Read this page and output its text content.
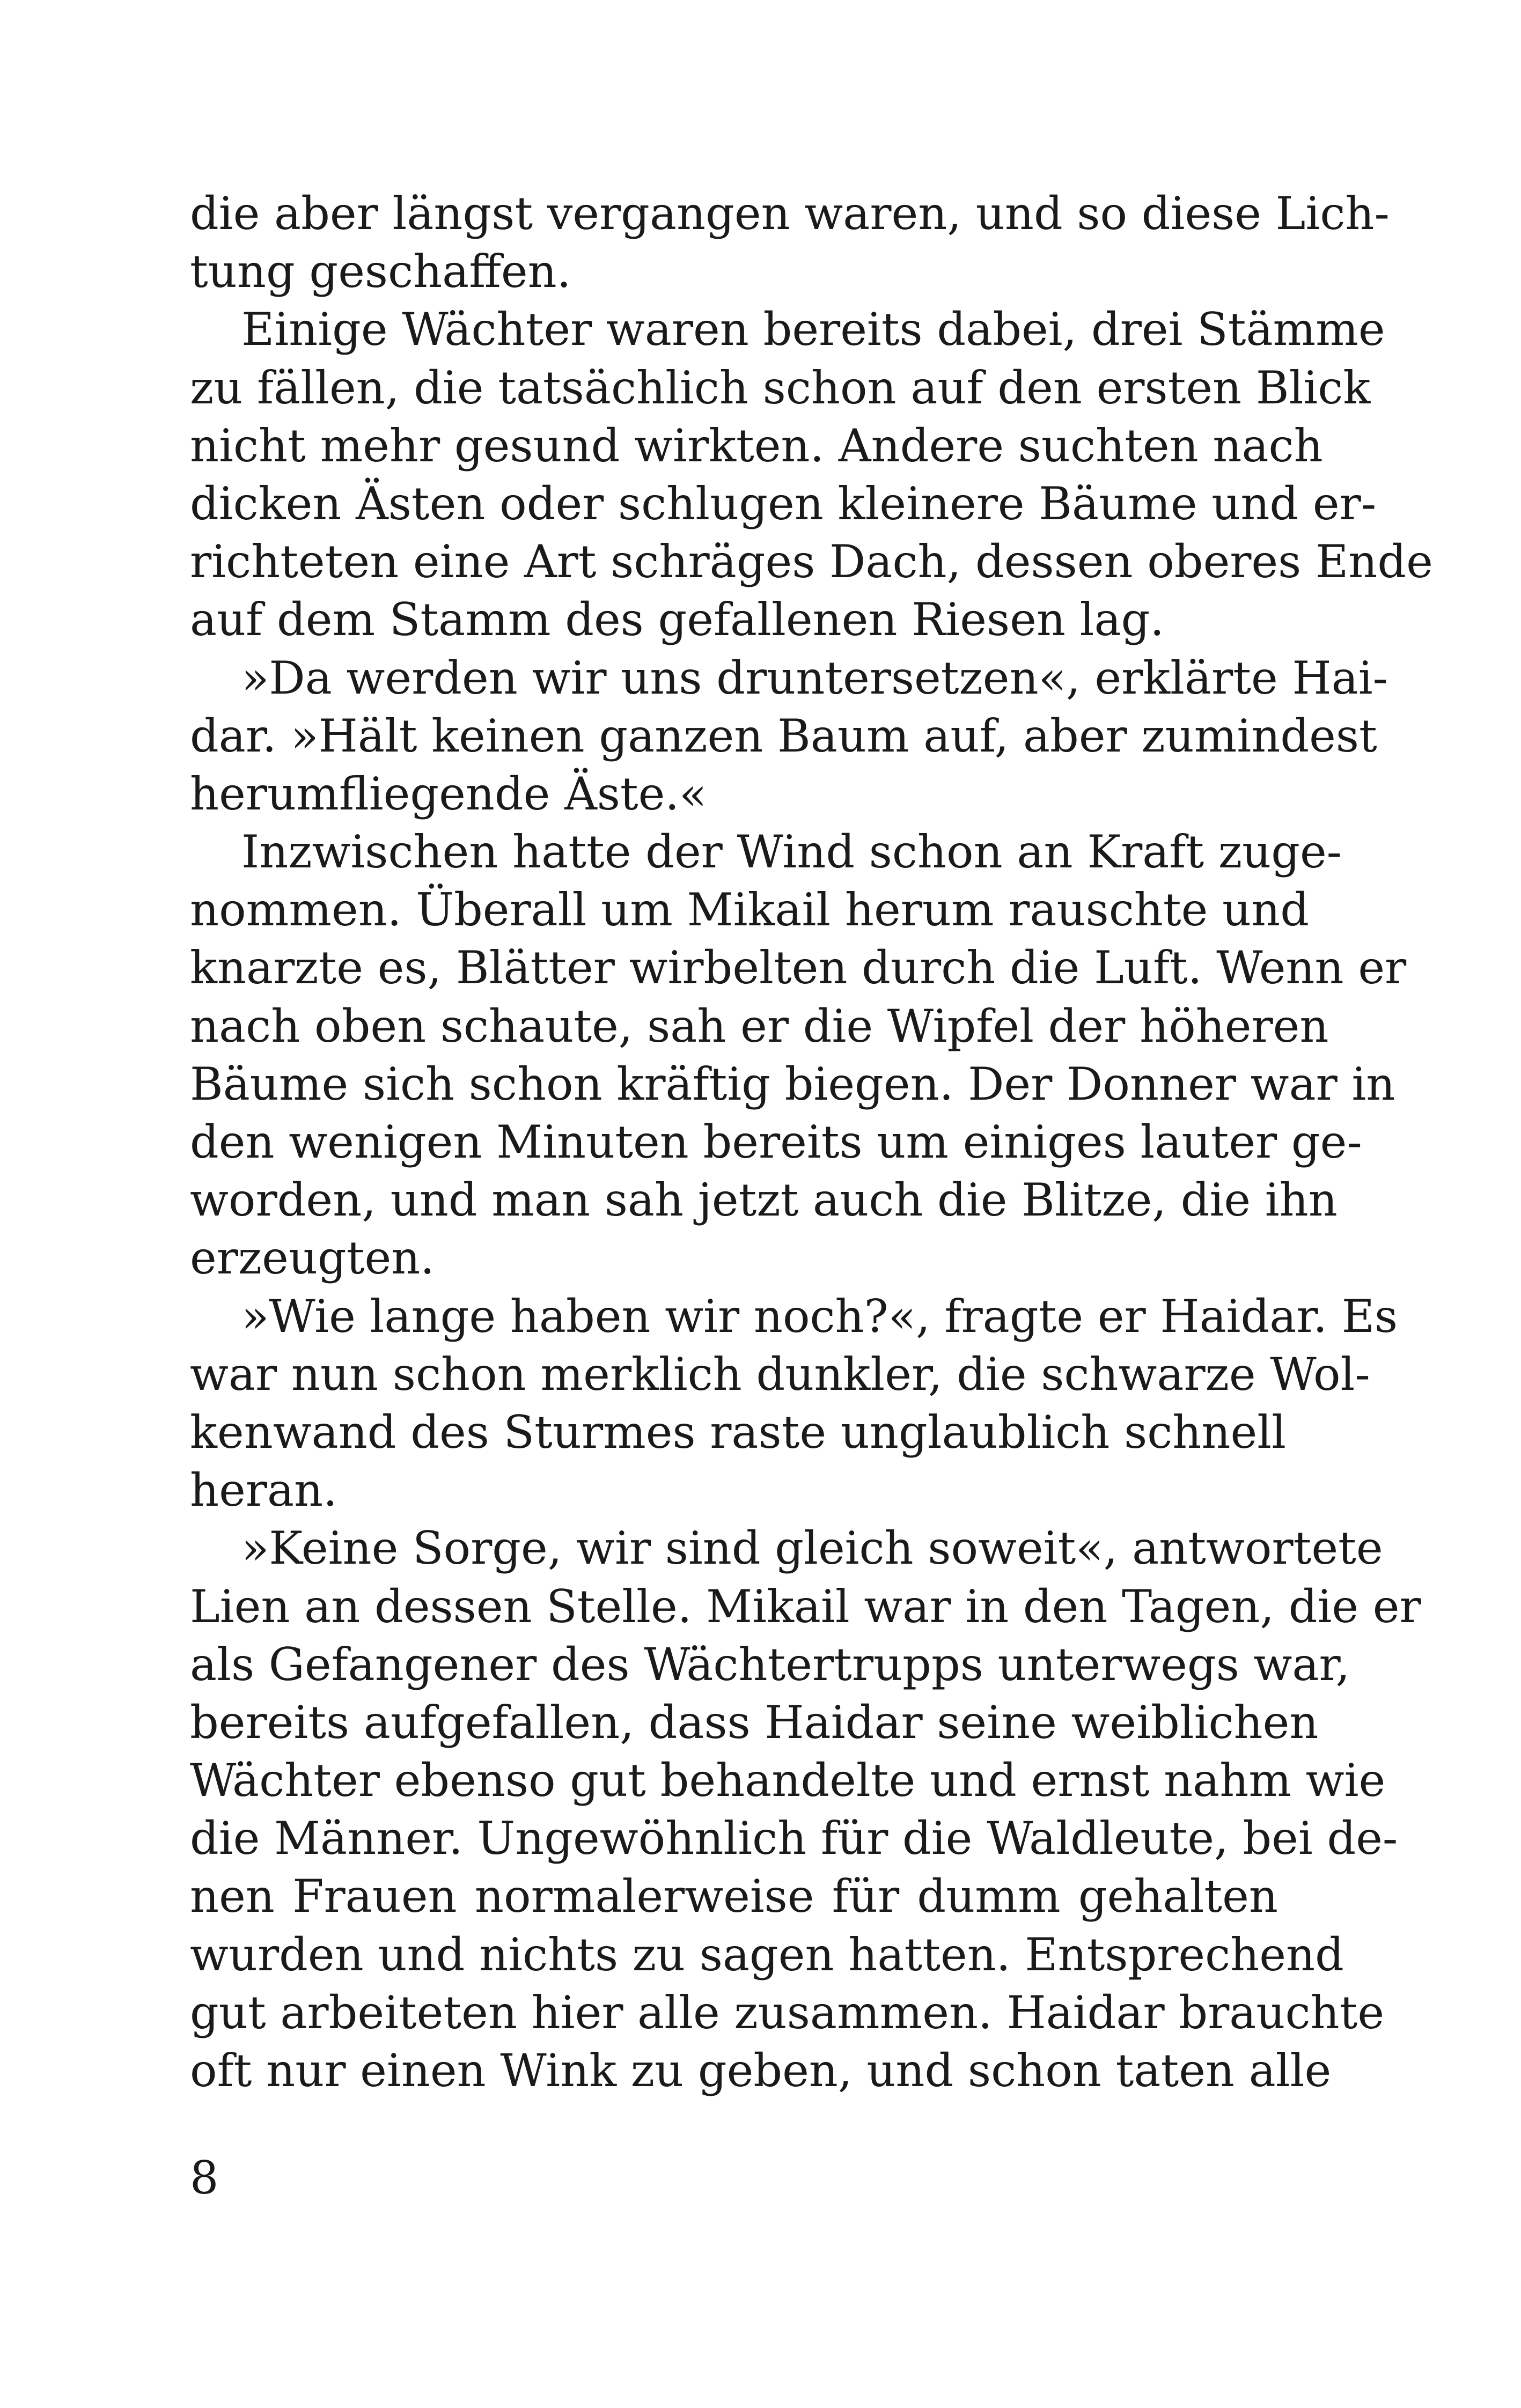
die aber längst vergangen waren, und so diese Lich-
tung geschaffen.
Einige Wächter waren bereits dabei, drei Stämme
zu fällen, die tatsächlich schon auf den ersten Blick
nicht mehr gesund wirkten. Andere suchten nach
dicken Ästen oder schlugen kleinere Bäume und er-
richteten eine Art schräges Dach, dessen oberes Ende
auf dem Stamm des gefallenen Riesen lag.
»Da werden wir uns druntersetzen«, erklärte Hai-
dar. »Hält keinen ganzen Baum auf, aber zumindest
herumfliegende Äste.«
Inzwischen hatte der Wind schon an Kraft zuge-
nommen. Überall um Mikail herum rauschte und
knarzte es, Blätter wirbelten durch die Luft. Wenn er
nach oben schaute, sah er die Wipfel der höheren
Bäume sich schon kräftig biegen. Der Donner war in
den wenigen Minuten bereits um einiges lauter ge-
worden, und man sah jetzt auch die Blitze, die ihn
erzeugten.
»Wie lange haben wir noch?«, fragte er Haidar. Es
war nun schon merklich dunkler, die schwarze Wol-
kenwand des Sturmes raste unglaublich schnell
heran.
»Keine Sorge, wir sind gleich soweit«, antwortete
Lien an dessen Stelle. Mikail war in den Tagen, die er
als Gefangener des Wächtertrupps unterwegs war,
bereits aufgefallen, dass Haidar seine weiblichen
Wächter ebenso gut behandelte und ernst nahm wie
die Männer. Ungewöhnlich für die Waldleute, bei de-
nen Frauen normalerweise für dumm gehalten
wurden und nichts zu sagen hatten. Entsprechend
gut arbeiteten hier alle zusammen. Haidar brauchte
oft nur einen Wink zu geben, und schon taten alle
8
